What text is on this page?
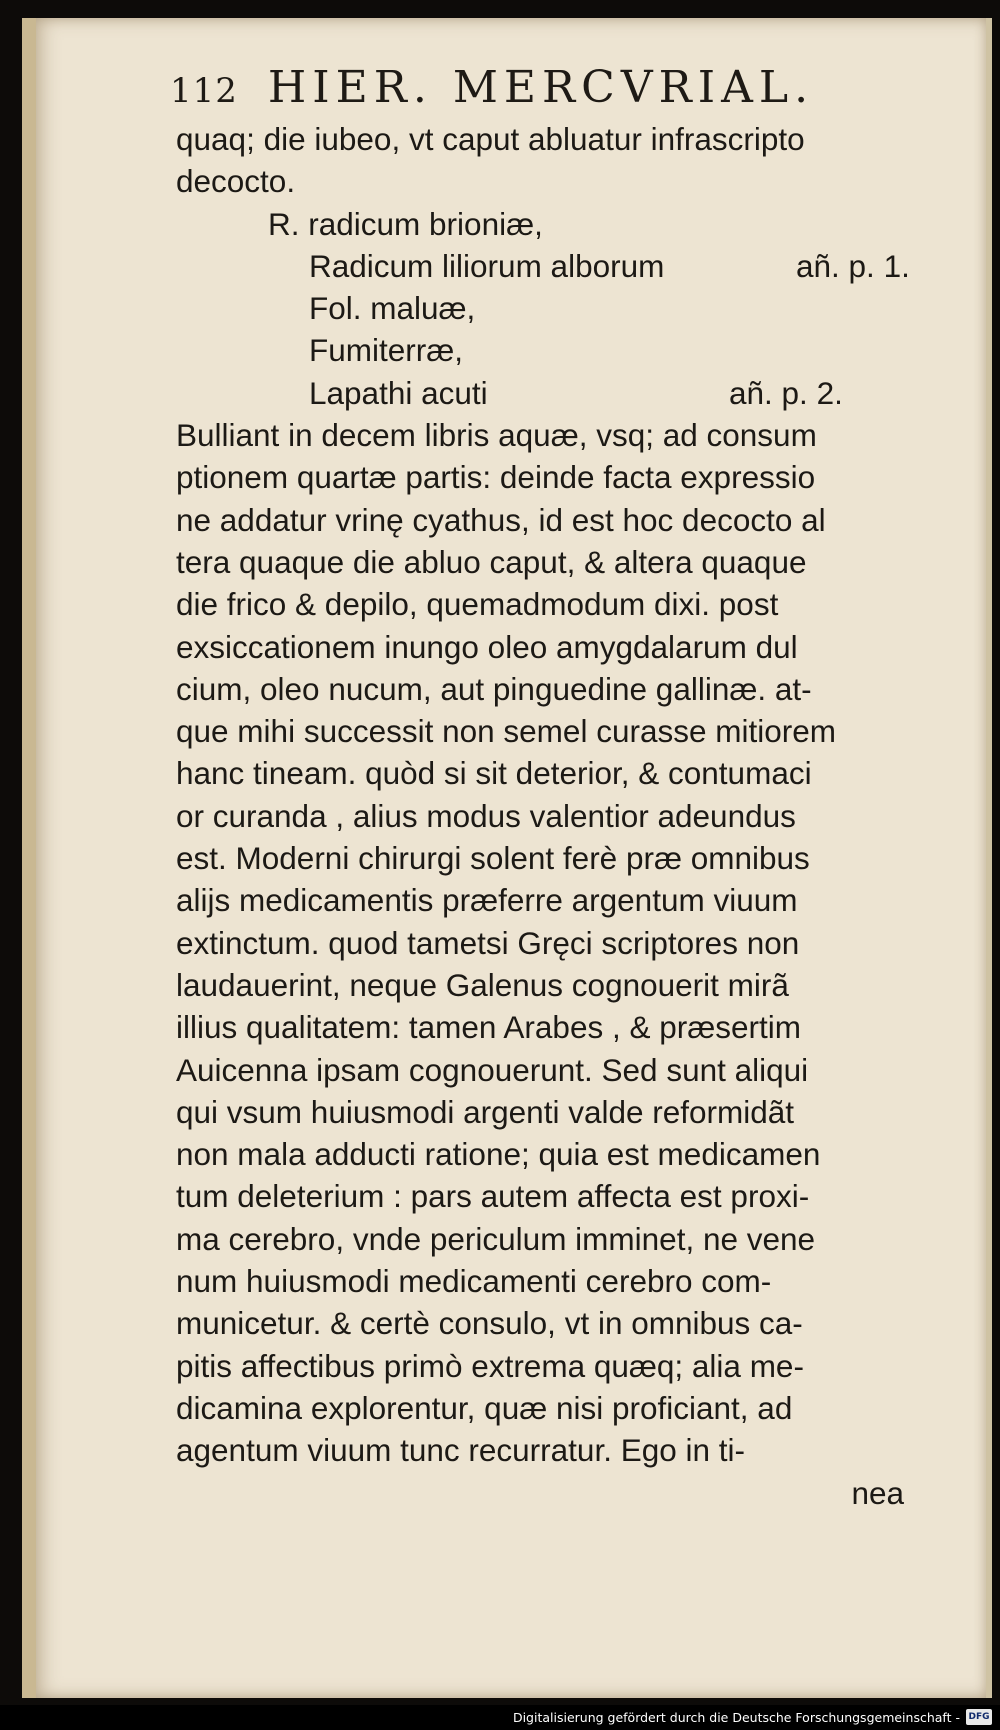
112 HIER. MERCVRIAL.
quaq; die iubeo, vt caput abluatur infrascripto
decocto.
R. radicum brioniæ,
Radicum liliorum alborum	añ. p. 1.
Fol. maluæ,
Fumiterræ,
Lapathi acuti	añ. p. 2.
Bulliant in decem libris aquæ, vsq; ad consum
ptionem quartæ partis: deinde facta expressio
ne addatur vrinę cyathus, id est hoc decocto al
tera quaque die abluo caput, & altera quaque
die frico & depilo, quemadmodum dixi. post
exsiccationem inungo oleo amygdalarum dul
cium, oleo nucum, aut pinguedine gallinæ. at-
que mihi successit non semel curasse mitiorem
hanc tineam. quòd si sit deterior, & contumaci
or curanda , alius modus valentior adeundus
est. Moderni chirurgi solent ferè præ omnibus
alijs medicamentis præferre argentum viuum
extinctum. quod tametsi Gręci scriptores non
laudauerint, neque Galenus cognouerit mirã
illius qualitatem: tamen Arabes , & præsertim
Auicenna ipsam cognouerunt. Sed sunt aliqui
qui vsum huiusmodi argenti valde reformidãt
non mala adducti ratione; quia est medicamen
tum deleterium : pars autem affecta est proxi-
ma cerebro, vnde periculum imminet, ne vene
num huiusmodi medicamenti cerebro com-
municetur. & certè consulo, vt in omnibus ca-
pitis affectibus primò extrema quæq; alia me-
dicamina explorentur, quæ nisi proficiant, ad
agentum viuum tunc recurratur. Ego in ti-
nea
Digitalisierung gefördert durch die Deutsche Forschungsgemeinschaft - DFG
